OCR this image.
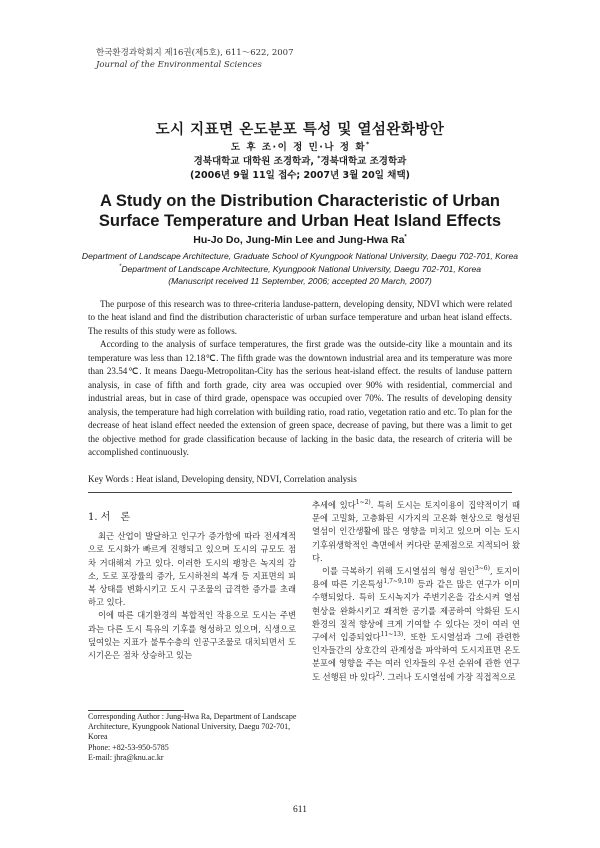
한국환경과학회지 제16권(제5호), 611～622, 2007
Journal of the Environmental Sciences
도시 지표면 온도분포 특성 및 열섬완화방안
도 후 조·이 정 민·나 정 화*
경북대학교 대학원 조경학과, *경북대학교 조경학과
(2006년 9월 11일 접수; 2007년 3월 20일 채택)
A Study on the Distribution Characteristic of Urban
Surface Temperature and Urban Heat Island Effects
Hu-Jo Do, Jung-Min Lee and Jung-Hwa Ra*
Department of Landscape Architecture, Graduate School of Kyungpook National University, Daegu 702-701, Korea
*Department of Landscape Architecture, Kyungpook National University, Daegu 702-701, Korea
(Manuscript received 11 September, 2006; accepted 20 March, 2007)

The purpose of this research was to three-criteria landuse-pattern, developing density, NDVI which were related to the heat island and find the distribution characteristic of urban surface temperature and urban heat island effects. The results of this study were as follows.

According to the analysis of surface temperatures, the first grade was the outside-city like a mountain and its temperature was less than 12.18℃. The fifth grade was the downtown industrial area and its temperature was more than 23.54℃. It means Daegu-Metropolitan-City has the serious heat-island effect. the results of landuse pattern analysis, in case of fifth and forth grade, city area was occupied over 90% with residential, commercial and industrial areas, but in case of third grade, openspace was occupied over 70%. The results of developing density analysis, the temperature had high correlation with building ratio, road ratio, vegetation ratio and etc. To plan for the decrease of heat island effect needed the extension of green space, decrease of paving, but there was a limit to get the objective method for grade classification because of lacking in the basic data, the research of criteria will be accomplished continuously.

Key Words : Heat island, Developing density, NDVI, Correlation analysis
1. 서　론

최근 산업이 발달하고 인구가 증가함에 따라 전세계적으로 도시화가 빠르게 진행되고 있으며 도시의 규모도 점차 거대해져 가고 있다. 이러한 도시의 팽창은 녹지의 감소, 도로 포장률의 증가, 도시하천의 복개 등 지표면의 피복 상태를 변화시키고 도시 구조물의 급격한 증가를 초래하고 있다.

이에 따른 대기환경의 복합적인 작용으로 도시는 주변과는 다른 도시 특유의 기후를 형성하고 있으며, 식생으로 덮여있는 지표가 불투수층의 인공구조물로 대치되면서 도시기온은 점차 상승하고 있는

추세에 있다$^{1\sim 2)}$. 특히 도시는 토지이용이 집약적이기 때문에 고밀화, 고층화된 시가지의 고온화 현상으로 형성된 열섬이 인간생활에 많은 영향을 미치고 있으며 이는 도시 기후위생학적인 측면에서 커다란 문제점으로 지적되어 왔다.

이를 극복하기 위해 도시열섬의 형성 원인$^{3\sim 6)}$, 토지이용에 따른 기온특성$^{1,7\sim 9,10)}$ 등과 같은 많은 연구가 이미 수행되었다. 특히 도시녹지가 주변기온을 감소시켜 열섬현상을 완화시키고 쾌적한 공기를 제공하여 악화된 도시환경의 질적 향상에 크게 기여할 수 있다는 것이 여러 연구에서 입증되었다$^{11\sim 13)}$. 또한 도시열섬과 그에 관련한 인자들간의 상호간의 관계성을 파악하여 도시지표면 온도 분포에 영향을 주는 여러 인자들의 우선 순위에 관한 연구도 선행된 바 있다$^{2)}$. 그러나 도시열섬에 가장 직접적으로

Corresponding Author : Jung-Hwa Ra, Department of Landscape Architecture, Kyungpook National University, Daegu 702-701, Korea
Phone: +82-53-950-5785
E-mail: jhra@knu.ac.kr
611
